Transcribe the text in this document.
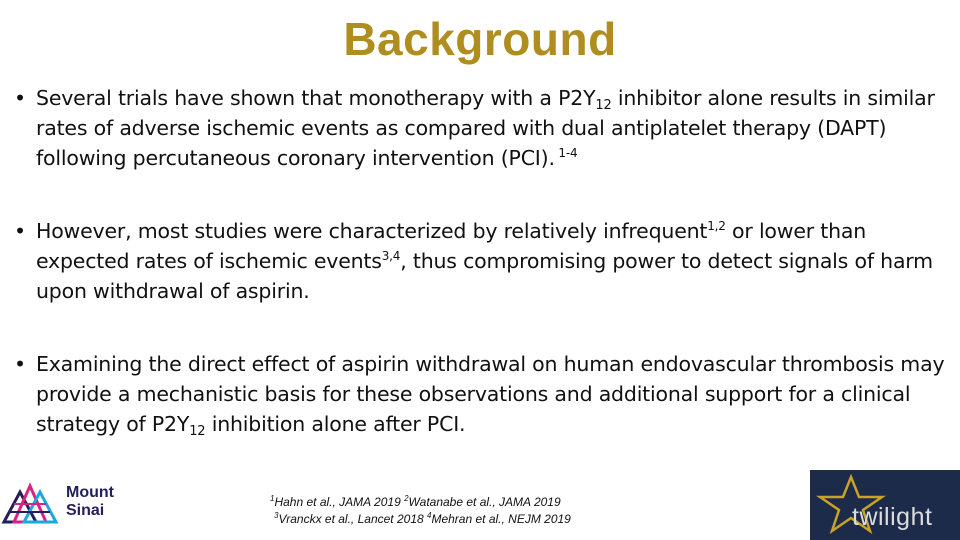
Background
• Several trials have shown that monotherapy with a $P2Y_{12}$ inhibitor alone results in similar rates of adverse ischemic events as compared with dual antiplatelet therapy (DAPT) following percutaneous coronary intervention (PCI). $^{1-4}$
• However, most studies were characterized by relatively infrequent$^{1,2}$ or lower than expected rates of ischemic events$^{3,4}$, thus compromising power to detect signals of harm upon withdrawal of aspirin.
• Examining the direct effect of aspirin withdrawal on human endovascular thrombosis may provide a mechanistic basis for these observations and additional support for a clinical strategy of $P2Y_{12}$ inhibition alone after PCI.
Mount
Sinai
$^1$Hahn et al., JAMA 2019 $^2$Watanabe et al., JAMA 2019
$^3$Vranckx et al., Lancet 2018 $^4$Mehran et al., NEJM 2019	twilight
